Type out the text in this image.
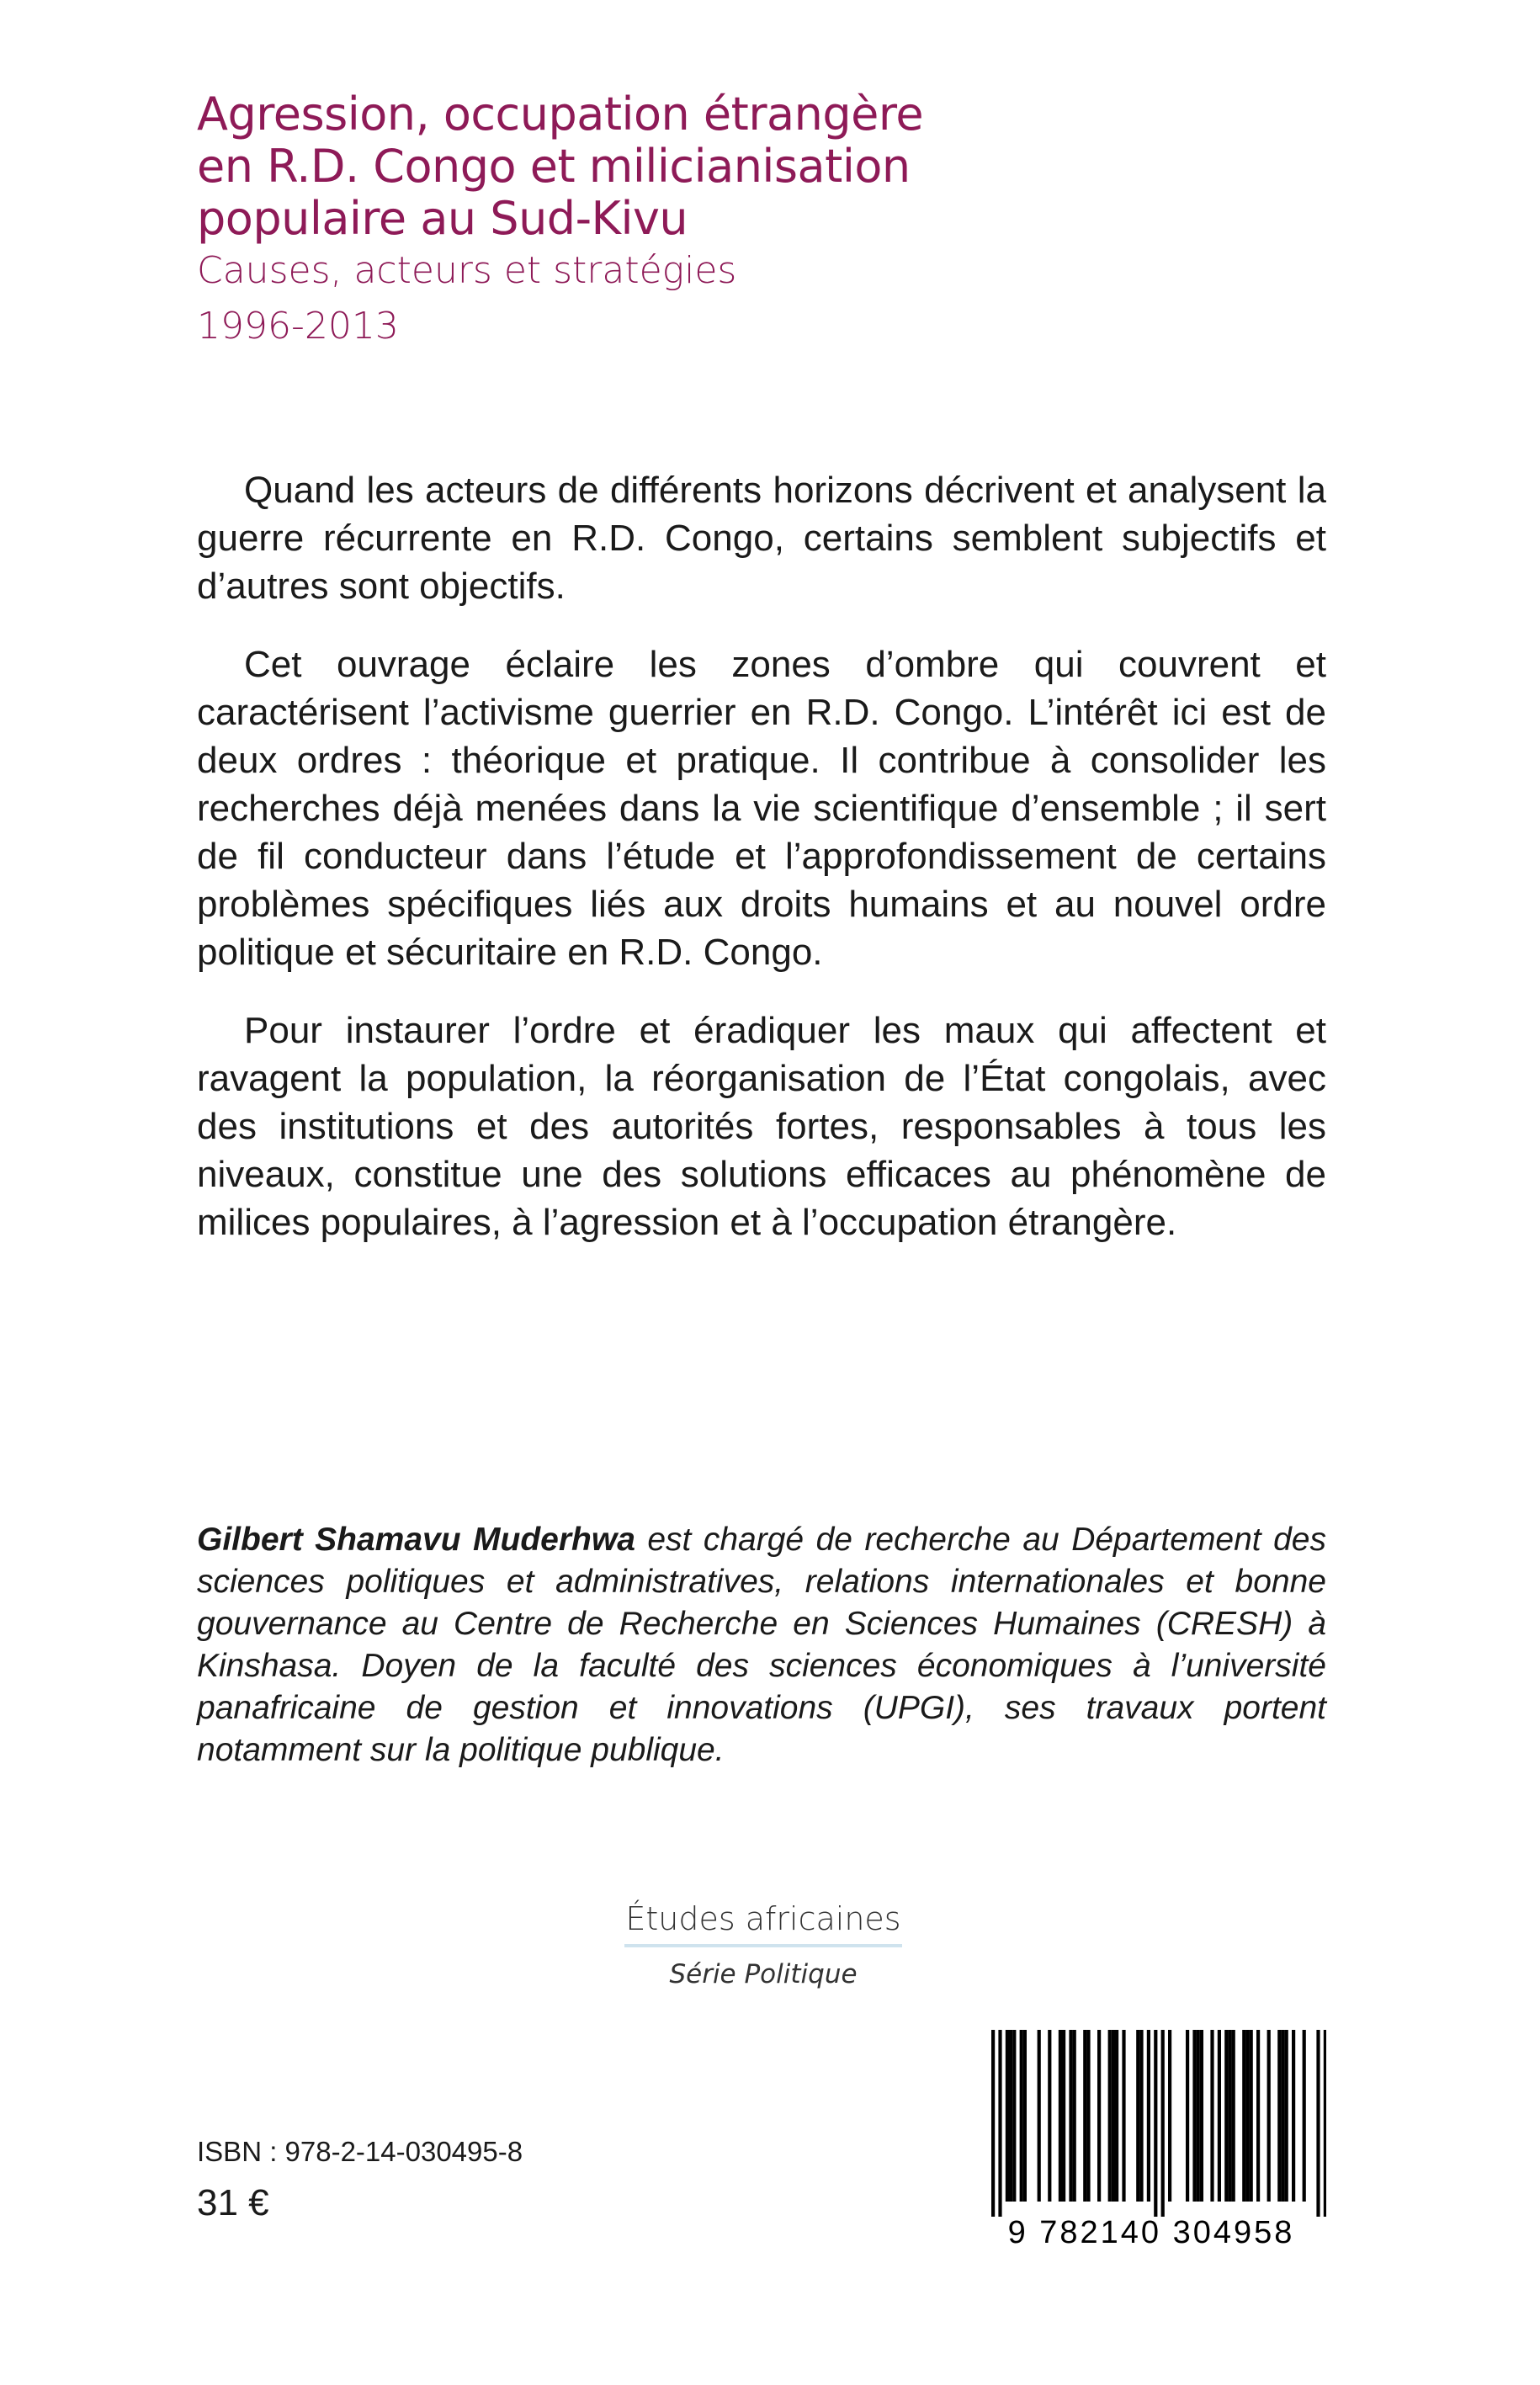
Agression, occupation étrangère
en R.D. Congo et milicianisation
populaire au Sud-Kivu

Causes, acteurs et stratégies

1996-2013

Quand les acteurs de différents horizons décrivent et analysent la guerre récurrente en R.D. Congo, certains semblent subjectifs et d’autres sont objectifs.

Cet ouvrage éclaire les zones d’ombre qui couvrent et caractérisent l’activisme guerrier en R.D. Congo. L’intérêt ici est de deux ordres : théorique et pratique. Il contribue à consolider les recherches déjà menées dans la vie scientifique d’ensemble ; il sert de fil conducteur dans l’étude et l’approfondissement de certains problèmes spécifiques liés aux droits humains et au nouvel ordre politique et sécuritaire en R.D. Congo.

Pour instaurer l’ordre et éradiquer les maux qui affectent et ravagent la population, la réorganisation de l’État congolais, avec des institutions et des autorités fortes, responsables à tous les niveaux, constitue une des solutions efficaces au phénomène de milices populaires, à l’agression et à l’occupation étrangère.

Gilbert Shamavu Muderhwa est chargé de recherche au Département des sciences politiques et administratives, relations internationales et bonne gouvernance au Centre de Recherche en Sciences Humaines (CRESH) à Kinshasa. Doyen de la faculté des sciences économiques à l’université panafricaine de gestion et innovations (UPGI), ses travaux portent notamment sur la politique publique.

Études africaines
Série Politique
ISBN : 978-2-14-030495-8
31 €
9 782140 304958
